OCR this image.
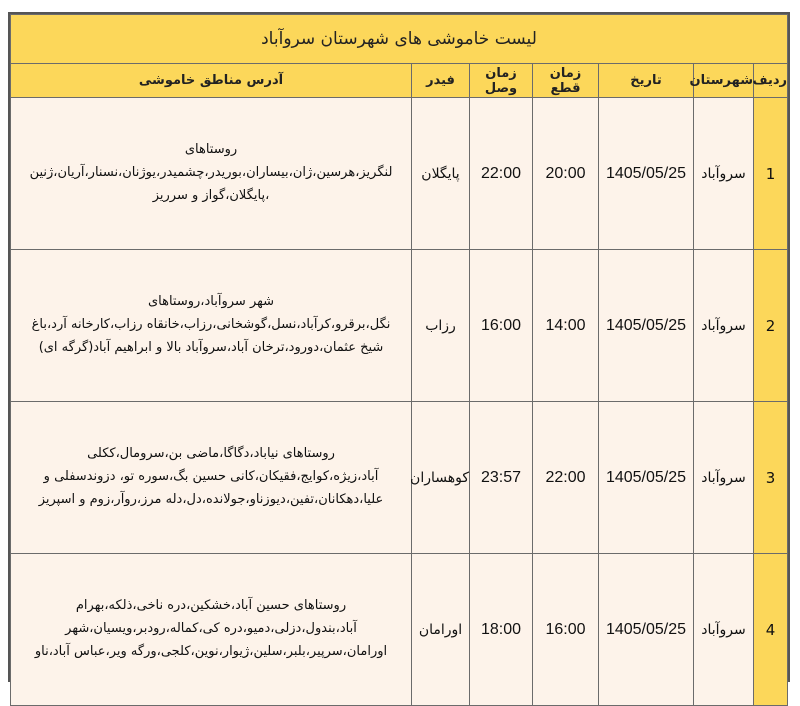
لیست خاموشی های شهرستان سروآباد						
ردیف	شهرستان	تاریخ	زمان قطع	زمان وصل	فیدر	آدرس مناطق خاموشی
1	سروآباد	1405/05/25	20:00	22:00	پایگلان	روستاهای
لنگریز،هرسین،ژان،بیساران،بوریدر،چشمیدر،یوژنان،نسنار،آریان،ژنین
،پایگلان،گواز و سرریز

2	سروآباد	1405/05/25	14:00	16:00	رزاب	شهر سروآباد،روستاهای
نگل،برقرو،کرآباد،نسل،گوشخانی،رزاب،خانقاه رزاب،کارخانه آرد،باغ
شیخ عثمان،دورود،ترخان آباد،سروآباد بالا و ابراهیم آباد(گرگه ای)

3	سروآباد	1405/05/25	22:00	23:57	کوهساران	روستاهای نیاباد،دگاگا،ماضی بن،سرومال،ککلی
آباد،زیژه،کوایج،فقیکان،کانی حسین بگ،سوره تو، دزوندسفلی و
علیا،دهکانان،تفین،دیوزناو،جولانده،دل،دله مرز،روآر،زوم و اسپریز

4	سروآباد	1405/05/25	16:00	18:00	اورامان	روستاهای حسین آباد،خشکین،دره ناخی،ذلکه،بهرام
آباد،بندول،دزلی،دمیو،دره کی،کماله،رودبر،ویسیان،شهر
اورامان،سرپیر،بلبر،سلین،ژیوار،نوین،کلجی،ورگه ویر،عباس آباد،ناو
